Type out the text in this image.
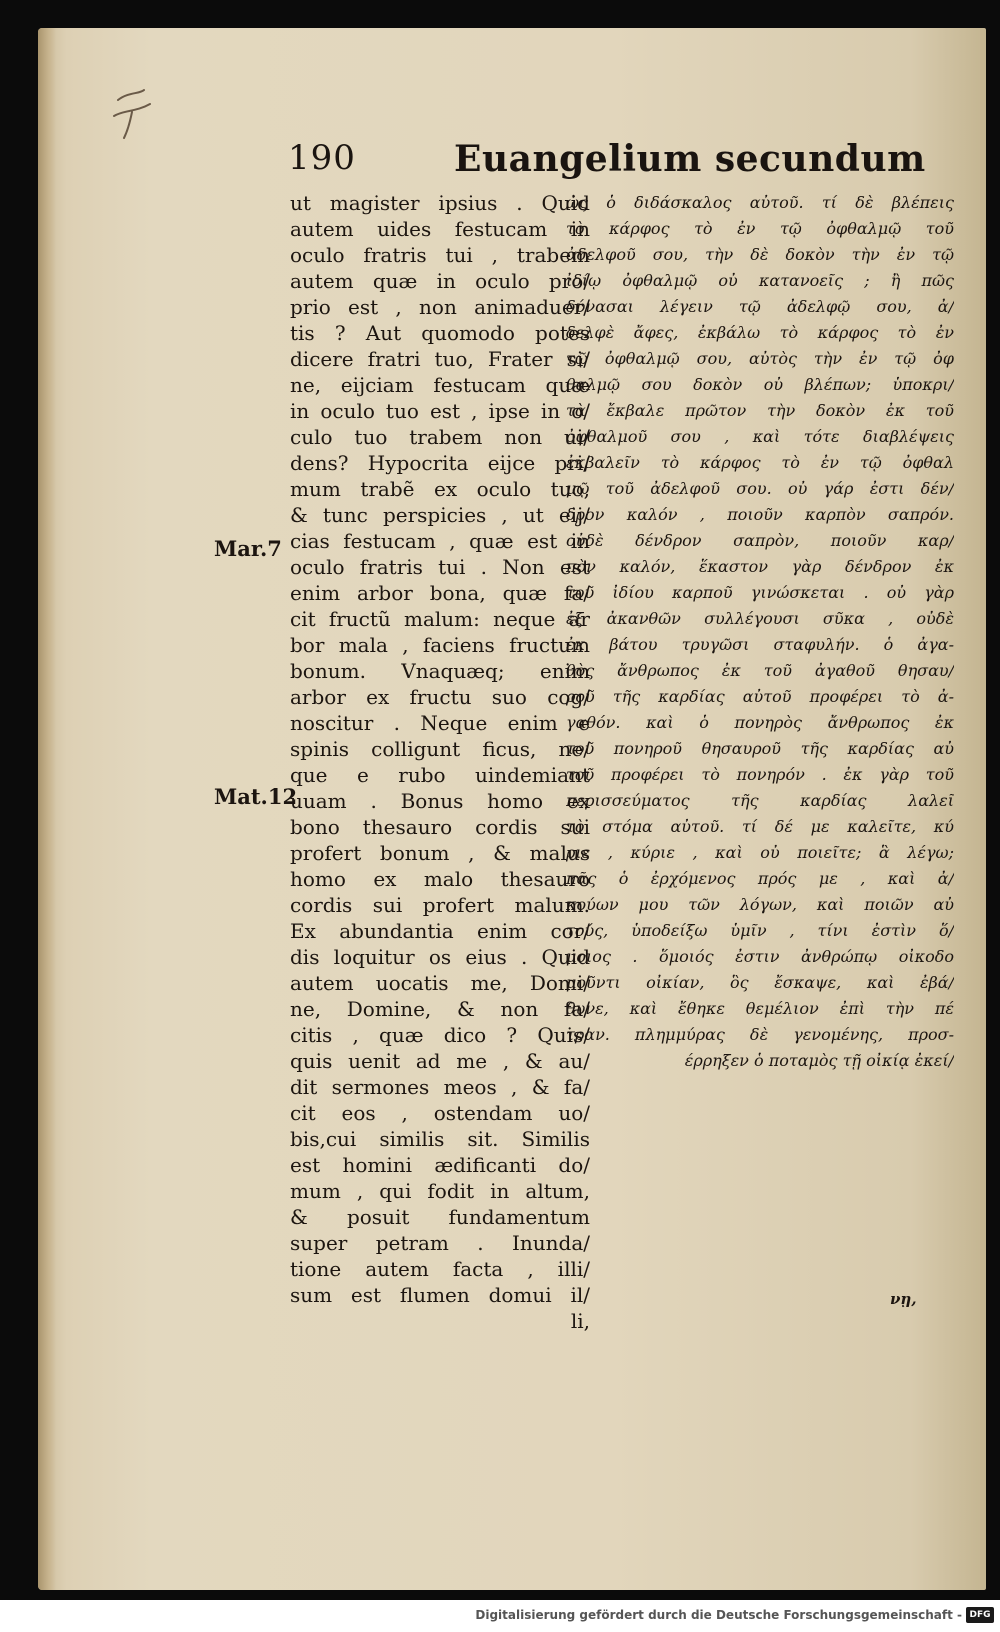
190	Euangelium secundum
Mar.7
Mat.12
ut magister ipsius . Quid
autem uides festucam in
oculo fratris tui , trabem
autem quæ in oculo pro/
prio est , non animaduer/
tis ? Aut quomodo potes
dicere fratri tuo, Frater si/
ne, eijciam festucam quæ
in oculo tuo est , ipse in o/
culo tuo trabem non ui/
dens? Hypocrita eijce pri/
mum trabẽ ex oculo tuo,
& tunc perspicies , ut eij/
cias festucam , quæ est in
oculo fratris tui . Non est
enim arbor bona, quæ fa/
cit fructũ malum: neque ar
bor mala , faciens fructum
bonum. Vnaquæq; enim
arbor ex fructu suo cog/
noscitur . Neque enim e
spinis colligunt ficus, ne/
que e rubo uindemiant
uuam . Bonus homo ex
bono thesauro cordis sui
profert bonum , & malus
homo ex malo thesauro
cordis sui profert malum.
Ex abundantia enim cor/
dis loquitur os eius . Quid
autem uocatis me, Domi/
ne, Domine, & non fa/
citis , quæ dico ? Quis/
quis uenit ad me , & au/
dit sermones meos , & fa/
cit eos , ostendam uo/
bis,cui similis sit. Similis
est homini ædificanti do/
mum , qui fodit in altum,
& posuit fundamentum
super petram . Inunda/
tione autem facta , illi/
sum est flumen domui il/
li,
ὡς ὁ διδάσκαλος αὐτοῦ. τί δὲ βλέπεις
τὸ κάρφος τὸ ἐν τῷ ὀφθαλμῷ τοῦ
ἀδελφοῦ σου, τὴν δὲ δοκὸν τὴν ἐν τῷ
ἰδίῳ ὀφθαλμῷ οὐ κατανοεῖς ; ἢ πῶς
δύνασαι λέγειν τῷ ἀδελφῷ σου, ἀ/
δελφὲ ἄφες, ἐκβάλω τὸ κάρφος τὸ ἐν
τῷ ὀφθαλμῷ σου, αὐτὸς τὴν ἐν τῷ ὀφ
θαλμῷ σου δοκὸν οὐ βλέπων; ὑποκρι/
τὰ ἔκβαλε πρῶτον τὴν δοκὸν ἐκ τοῦ
ὀφθαλμοῦ σου , καὶ τότε διαβλέψεις
ἐκβαλεῖν τὸ κάρφος τὸ ἐν τῷ ὀφθαλ
μῷ τοῦ ἀδελφοῦ σου. οὐ γάρ ἐστι δέν/
δρον καλόν , ποιοῦν καρπὸν σαπρόν.
οὐδὲ δένδρον σαπρὸν, ποιοῦν καρ/
πὸν καλόν, ἕκαστον γὰρ δένδρον ἐκ
τοῦ ἰδίου καρποῦ γινώσκεται . οὐ γὰρ
ἐξ ἀκανθῶν συλλέγουσι σῦκα , οὐδὲ
ἐκ βάτου τρυγῶσι σταφυλήν. ὁ ἀγα-
θὸς ἄνθρωπος ἐκ τοῦ ἀγαθοῦ θησαυ/
ροῦ τῆς καρδίας αὐτοῦ προφέρει τὸ ἀ-
γαθόν. καὶ ὁ πονηρὸς ἄνθρωπος ἐκ
τοῦ πονηροῦ θησαυροῦ τῆς καρδίας αὐ
τοῦ προφέρει τὸ πονηρόν . ἐκ γὰρ τοῦ
περισσεύματος τῆς καρδίας λαλεῖ
τὸ στόμα αὐτοῦ. τί δέ με καλεῖτε, κύ
ριε , κύριε , καὶ οὐ ποιεῖτε; ἃ λέγω;
πᾶς ὁ ἐρχόμενος πρός με , καὶ ἀ/
κούων μου τῶν λόγων, καὶ ποιῶν αὐ
τούς, ὑποδείξω ὑμῖν , τίνι ἐστὶν ὅ/
μοιος . ὅμοιός ἐστιν ἀνθρώπῳ οἰκοδο
μοῦντι οἰκίαν, ὃς ἔσκαψε, καὶ ἐβά/
θυνε, καὶ ἔθηκε θεμέλιον ἐπὶ τὴν πέ
τραν. πλημμύρας δὲ γενομένης, προσ-
έρρηξεν ὁ ποταμὸς τῇ οἰκίᾳ ἐκεί/
νῃ,
Digitalisierung gefördert durch die Deutsche Forschungsgemeinschaft - DFG
